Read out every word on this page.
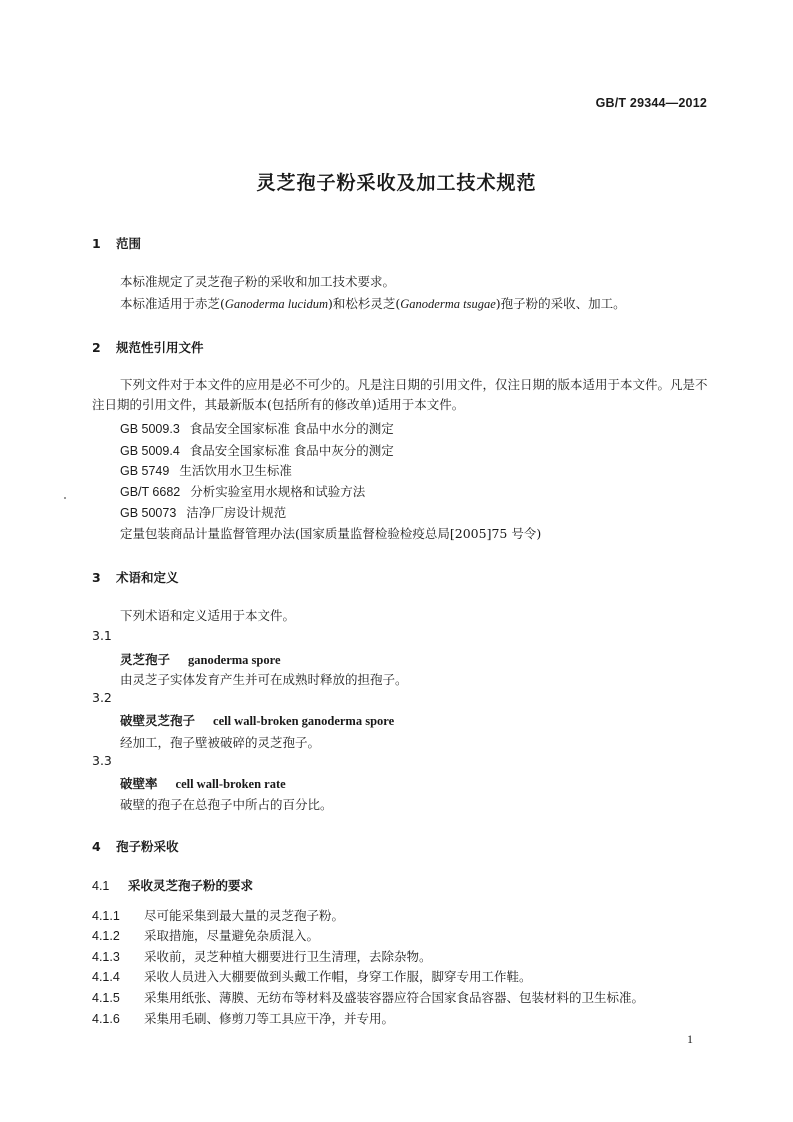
GB/T 29344—2012
灵芝孢子粉采收及加工技术规范
1 范围
本标准规定了灵芝孢子粉的采收和加工技术要求。
本标准适用于赤芝(Ganoderma lucidum)和松杉灵芝(Ganoderma tsugae)孢子粉的采收、加工。
2 规范性引用文件
下列文件对于本文件的应用是必不可少的。凡是注日期的引用文件，仅注日期的版本适用于本文件。凡是不注日期的引用文件，其最新版本(包括所有的修改单)适用于本文件。
GB 5009.3 食品安全国家标准 食品中水分的测定
GB 5009.4 食品安全国家标准 食品中灰分的测定
GB 5749 生活饮用水卫生标准
GB/T 6682 分析实验室用水规格和试验方法
GB 50073 洁净厂房设计规范
定量包装商品计量监督管理办法(国家质量监督检验检疫总局[2005]75 号令)
3 术语和定义
下列术语和定义适用于本文件。
3.1
灵芝孢子 ganoderma spore
由灵芝子实体发育产生并可在成熟时释放的担孢子。
3.2
破壁灵芝孢子 cell wall-broken ganoderma spore
经加工，孢子壁被破碎的灵芝孢子。
3.3
破壁率 cell wall-broken rate
破壁的孢子在总孢子中所占的百分比。
4 孢子粉采收
4.1 采收灵芝孢子粉的要求
4.1.1 尽可能采集到最大量的灵芝孢子粉。
4.1.2 采取措施，尽量避免杂质混入。
4.1.3 采收前，灵芝种植大棚要进行卫生清理，去除杂物。
4.1.4 采收人员进入大棚要做到头戴工作帽，身穿工作服，脚穿专用工作鞋。
4.1.5 采集用纸张、薄膜、无纺布等材料及盛装容器应符合国家食品容器、包装材料的卫生标准。
4.1.6 采集用毛刷、修剪刀等工具应干净，并专用。
1
